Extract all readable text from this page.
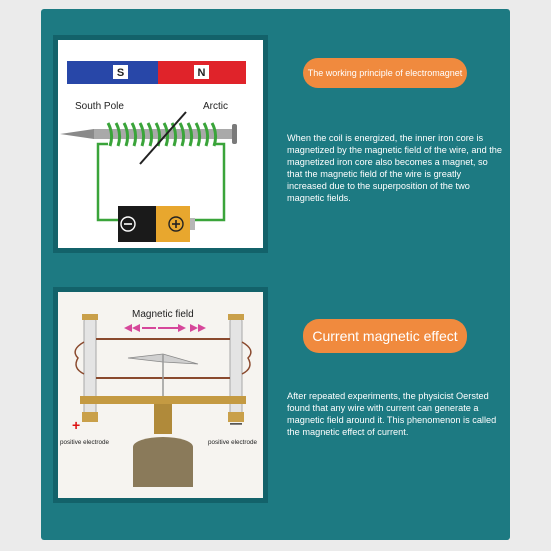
S	N
South Pole	Arctic
The working principle of electromagnet
When the coil is energized, the inner iron core is magnetized by the magnetic field of the wire, and the magnetized iron core also becomes a magnet, so that the magnetic field of the wire is greatly increased due to the superposition of the two magnetic fields.
Magnetic field
+	—
positive electrode	positive electrode
Current magnetic effect
After repeated experiments, the physicist Oersted found that any wire with current can generate a magnetic field around it. This phenomenon is called the magnetic effect of current.
